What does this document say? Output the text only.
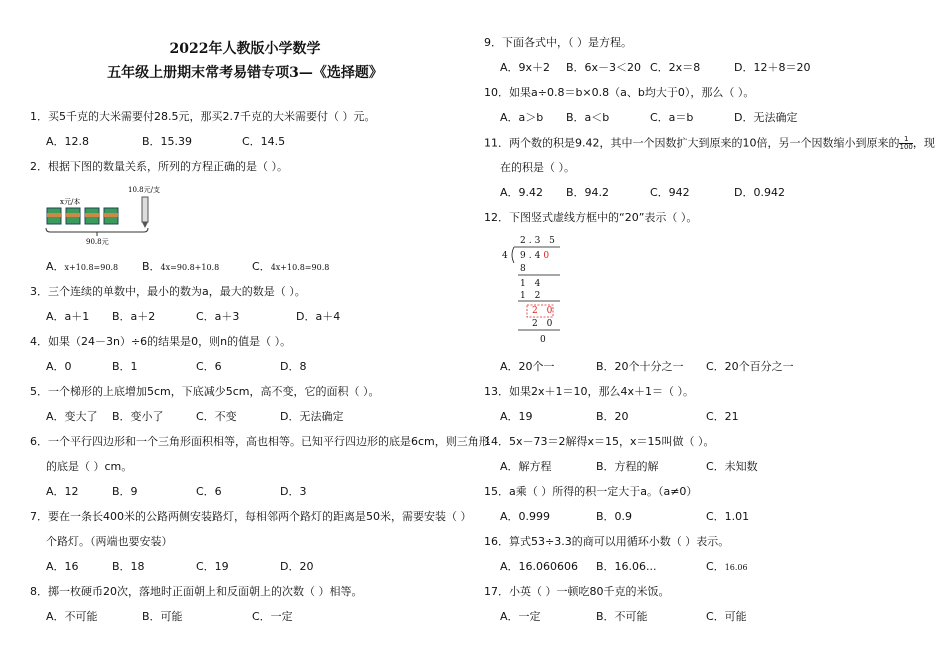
2022年人教版小学数学
五年级上册期末常考易错专项3—《选择题》
1．买5千克的大米需要付28.5元，那买2.7千克的大米需要付（ ）元。
A．12.8	B．15.39	C．14.5
2．根据下图的数量关系，所列的方程正确的是（ ）。
A．x+10.8=90.8 B．4x=90.8+10.8	C．4x+10.8=90.8
3．三个连续的单数中，最小的数为a，最大的数是（ ）。
A．a＋1 B．a＋2	C．a＋3	D．a＋4
4．如果（24－3n）÷6的结果是0，则n的值是（ ）。
A．0	B．1	C．6	D．8
5．一个梯形的上底增加5cm，下底减少5cm，高不变，它的面积（ ）。
A．变大了 B．变小了	C．不变	D．无法确定
6．一个平行四边形和一个三角形面积相等，高也相等。已知平行四边形的底是6cm，则三角形
的底是（ ）cm。
A．12	B．9	C．6	D．3
7．要在一条长400米的公路两侧安装路灯，每相邻两个路灯的距离是50米，需要安装（ ）
个路灯。（两端也要安装）
A．16	B．18	C．19	D．20
8．掷一枚硬币20次，落地时正面朝上和反面朝上的次数（ ）相等。
A．不可能	B．可能	C．一定
x元/本
10.8元/支
90.8元
9．下面各式中，（ ）是方程。
A．9x＋2 B．6x－3＜20 C．2x＝8	D．12＋8＝20
10．如果a÷0.8＝b×0.8（a、b均大于0），那么（ ）。
A．a＞b B．a＜b	C．a＝b	D．无法确定
11．两个数的积是9.42，其中一个因数扩大到原来的10倍，另一个因数缩小到原来的 $\frac{1}{100}$ ，现
在的积是（ ）。
A．9.42 B．94.2	C．942	D．0.942
12．下图竖式虚线方框中的“20”表示（ ）。
A．20个一	B．20个十分之一 C．20个百分之一
13．如果2x＋1＝10，那么4x＋1＝（ ）。
A．19	B．20	C．21
14．5x－73＝2解得x＝15，x＝15叫做（ ）。
A．解方程	B．方程的解	C．未知数
15．a乘（ ）所得的积一定大于a。（a≠0）
A．0.999	B．0.9	C．1.01
16．算式53÷3.3的商可以用循环小数（ ）表示。
A．16.060606 B．16.06...	C．16.06
17．小英（ ）一顿吃80千克的米饭。
A．一定	B．不可能	C．可能
2.3 5
4 9.40
8
1 4
1 2
2 0
2 0
0
